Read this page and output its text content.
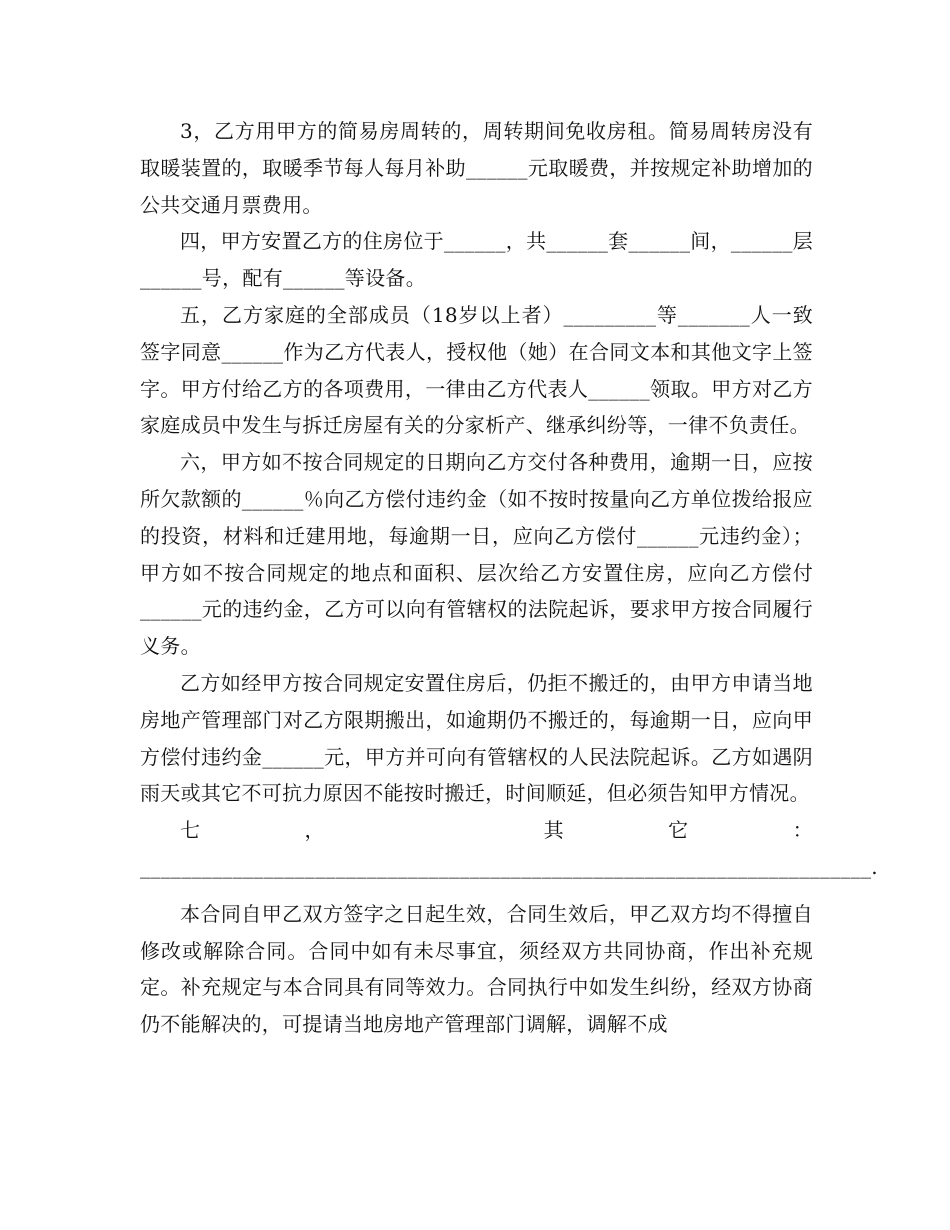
3，乙方用甲方的简易房周转的，周转期间免收房租。简易周转房没有取暖装置的，取暖季节每人每月补助______元取暖费，并按规定补助增加的公共交通月票费用。

四，甲方安置乙方的住房位于______，共______套______间，______层______号，配有______等设备。

五，乙方家庭的全部成员（18岁以上者）_________等_______人一致签字同意______作为乙方代表人，授权他（她）在合同文本和其他文字上签字。甲方付给乙方的各项费用，一律由乙方代表人______领取。甲方对乙方家庭成员中发生与拆迁房屋有关的分家析产、继承纠纷等，一律不负责任。

六，甲方如不按合同规定的日期向乙方交付各种费用，逾期一日，应按所欠款额的______％向乙方偿付违约金（如不按时按量向乙方单位拨给报应的投资，材料和迁建用地，每逾期一日，应向乙方偿付______元违约金）；甲方如不按合同规定的地点和面积、层次给乙方安置住房，应向乙方偿付______元的违约金，乙方可以向有管辖权的法院起诉，要求甲方按合同履行义务。

乙方如经甲方按合同规定安置住房后，仍拒不搬迁的，由甲方申请当地房地产管理部门对乙方限期搬出，如逾期仍不搬迁的，每逾期一日，应向甲方偿付违约金______元，甲方并可向有管辖权的人民法院起诉。乙方如遇阴雨天或其它不可抗力原因不能按时搬迁，时间顺延，但必须告知甲方情况。

七，　其它：_______________________________________________________________________.

本合同自甲乙双方签字之日起生效，合同生效后，甲乙双方均不得擅自修改或解除合同。合同中如有未尽事宜，须经双方共同协商，作出补充规定。补充规定与本合同具有同等效力。合同执行中如发生纠纷，经双方协商仍不能解决的，可提请当地房地产管理部门调解，调解不成
